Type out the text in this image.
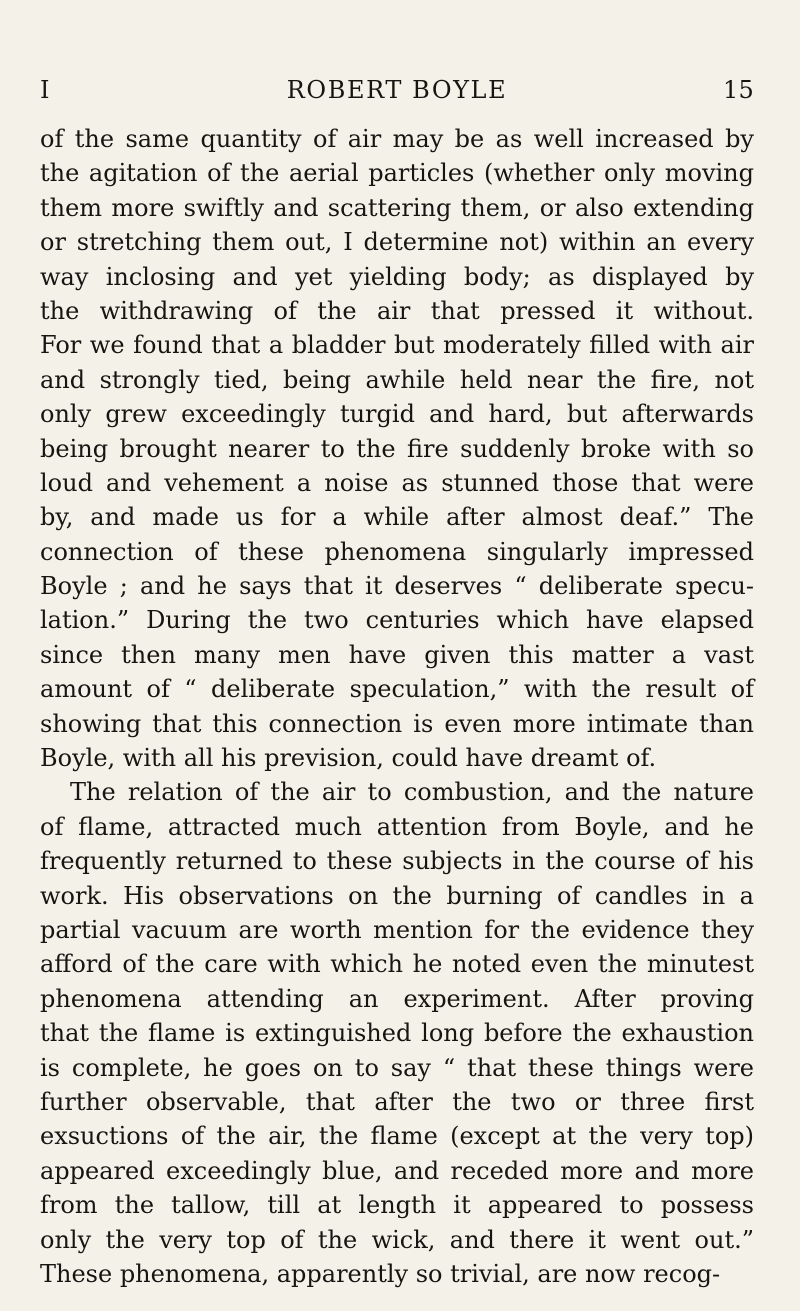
I	ROBERT BOYLE	15
of the same quantity of air may be as well increased by
the agitation of the aerial particles (whether only moving
them more swiftly and scattering them, or also extending
or stretching them out, I determine not) within an every
way inclosing and yet yielding body; as displayed by
the withdrawing of the air that pressed it without.
For we found that a bladder but moderately filled with air
and strongly tied, being awhile held near the fire, not
only grew exceedingly turgid and hard, but afterwards
being brought nearer to the fire suddenly broke with so
loud and vehement a noise as stunned those that were
by, and made us for a while after almost deaf.” The
connection of these phenomena singularly impressed
Boyle ; and he says that it deserves “ deliberate specu-
lation.” During the two centuries which have elapsed
since then many men have given this matter a vast
amount of “ deliberate speculation,” with the result of
showing that this connection is even more intimate than
Boyle, with all his prevision, could have dreamt of.
The relation of the air to combustion, and the nature
of flame, attracted much attention from Boyle, and he
frequently returned to these subjects in the course of his
work. His observations on the burning of candles in a
partial vacuum are worth mention for the evidence they
afford of the care with which he noted even the minutest
phenomena attending an experiment. After proving
that the flame is extinguished long before the exhaustion
is complete, he goes on to say “ that these things were
further observable, that after the two or three first
exsuctions of the air, the flame (except at the very top)
appeared exceedingly blue, and receded more and more
from the tallow, till at length it appeared to possess
only the very top of the wick, and there it went out.”
These phenomena, apparently so trivial, are now recog-
